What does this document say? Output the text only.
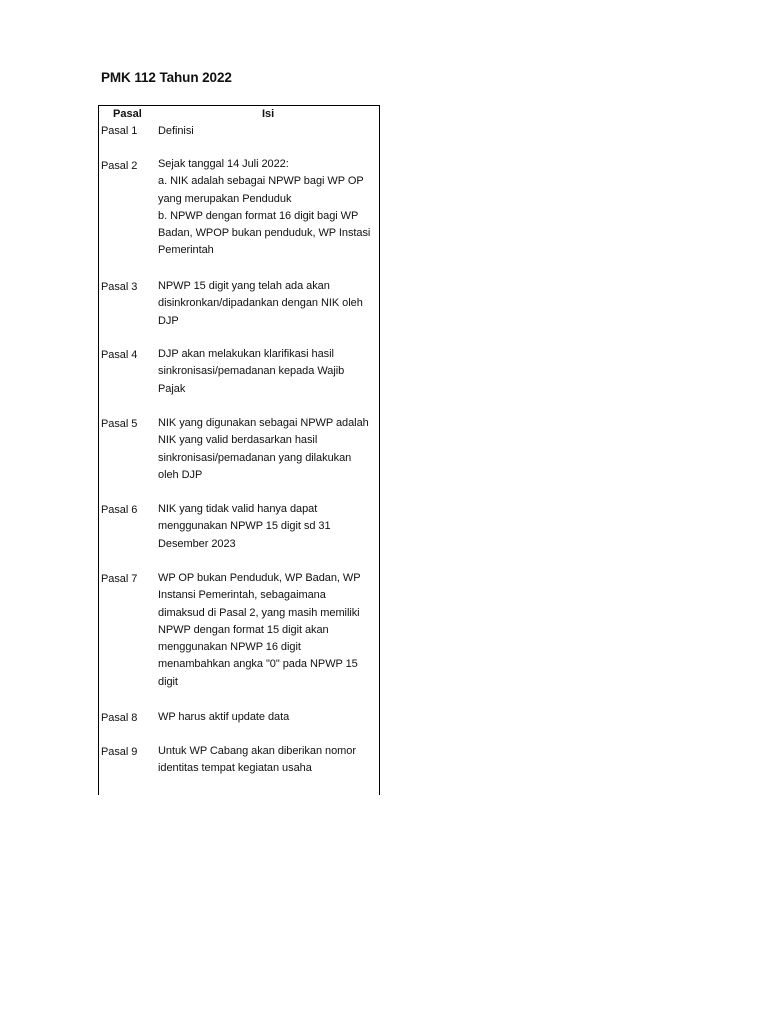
PMK 112 Tahun 2022
Pasal	Isi
Pasal 1	Definisi
Pasal 2	Sejak tanggal 14 Juli 2022:
a. NIK adalah sebagai NPWP bagi WP OP
yang merupakan Penduduk
b. NPWP dengan format 16 digit bagi WP
Badan, WPOP bukan penduduk, WP Instasi
Pemerintah
Pasal 3	NPWP 15 digit yang telah ada akan
disinkronkan/dipadankan dengan NIK oleh
DJP
Pasal 4	DJP akan melakukan klarifikasi hasil
sinkronisasi/pemadanan kepada Wajib
Pajak
Pasal 5	NIK yang digunakan sebagai NPWP adalah
NIK yang valid berdasarkan hasil
sinkronisasi/pemadanan yang dilakukan
oleh DJP
Pasal 6	NIK yang tidak valid hanya dapat
menggunakan NPWP 15 digit sd 31
Desember 2023
Pasal 7	WP OP bukan Penduduk, WP Badan, WP
Instansi Pemerintah, sebagaimana
dimaksud di Pasal 2, yang masih memiliki
NPWP dengan format 15 digit akan
menggunakan NPWP 16 digit
menambahkan angka "0" pada NPWP 15
digit
Pasal 8	WP harus aktif update data
Pasal 9	Untuk WP Cabang akan diberikan nomor
identitas tempat kegiatan usaha
